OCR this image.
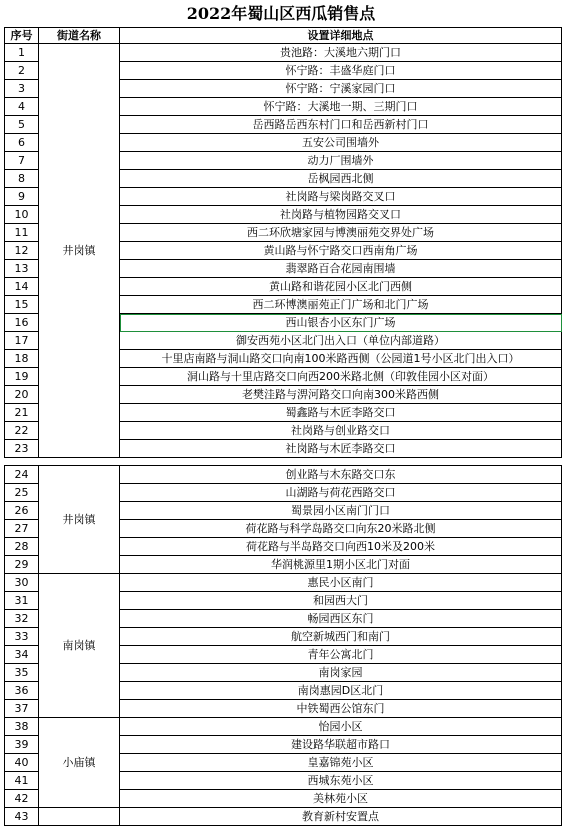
2022年蜀山区西瓜销售点
序号	街道名称	设置详细地点
1	井岗镇	贵池路：大溪地六期门口
2		怀宁路：丰盛华庭门口
3		怀宁路：宁溪家园门口
4		怀宁路：大溪地一期、三期门口
5		岳西路岳西东村门口和岳西新村门口
6		五安公司围墙外
7		动力厂围墙外
8		岳枫园西北侧
9		社岗路与梁岗路交叉口
10		社岗路与植物园路交叉口
11		西二环欣塘家园与博澳丽苑交界处广场
12		黄山路与怀宁路交口西南角广场
13		翡翠路百合花园南围墙
14		黄山路和谐花园小区北门西侧
15		西二环博澳丽苑正门广场和北门广场
16		西山银杏小区东门广场
17		御安西苑小区北门出入口（单位内部道路）
18		十里店南路与洞山路交口向南100米路西侧（公园道1号小区北门出入口）
19		洞山路与十里店路交口向西200米路北侧（印敦佳园小区对面）
20		老樊洼路与淠河路交口向南300米路西侧
21		蜀鑫路与木匠李路交口
22		社岗路与创业路交口
23		社岗路与木匠李路交口
24	井岗镇	创业路与木东路交口东
25		山湖路与荷花西路交口
26		蜀景园小区南门门口
27		荷花路与科学岛路交口向东20米路北侧
28		荷花路与半岛路交口向西10米及200米
29		华润桃源里1期小区北门对面
30	南岗镇	惠民小区南门
31		和园西大门
32		畅园西区东门
33		航空新城西门和南门
34		青年公寓北门
35		南岗家园
36		南岗惠园D区北门
37		中铁蜀西公馆东门
38	小庙镇	怡园小区
39		建设路华联超市路口
40		皇嘉锦苑小区
41		西城东苑小区
42		美林苑小区
43		教育新村安置点
